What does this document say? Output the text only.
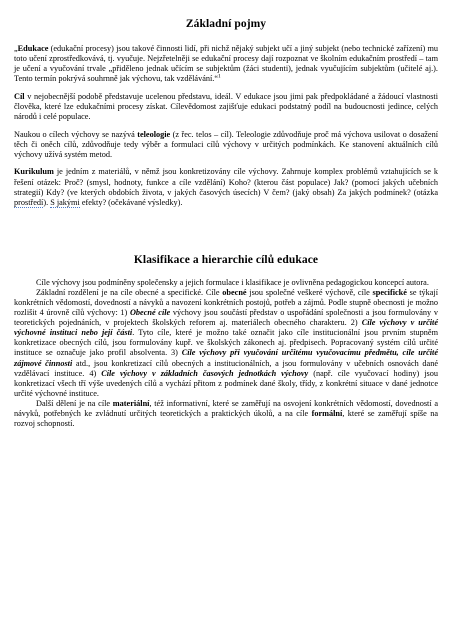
Základní pojmy

„Edukace (edukační procesy) jsou takové činnosti lidí, při nichž nějaký subjekt učí a jiný subjekt (nebo technické zařízení) mu toto učení zprostředkovává, tj. vyučuje. Nejzřetelněji se edukační procesy dají rozpoznat ve školním edukačním prostředí – tam je učení a vyučování trvale „přiděleno jednak učícím se subjektům (žáci studenti), jednak vyučujícím subjektům (učitelé aj.). Tento termín pokrývá souhrnně jak výchovu, tak vzdělávání.“$^1$

Cíl v nejobecnější podobě představuje ucelenou představu, ideál. V edukace jsou jimi pak předpokládané a žádoucí vlastnosti člověka, které lze edukačními procesy získat. Cílevědomost zajišťuje edukaci podstatný podíl na budoucnosti jedince, celých národů i celé populace.

Naukou o cílech výchovy se nazývá teleologie (z řec. telos – cíl). Teleologie zdůvodňuje proč má výchova usilovat o dosažení těch či oněch cílů, zdůvodňuje tedy výběr a formulaci cílů výchovy v určitých podmínkách. Ke stanovení aktuálních cílů výchovy užívá systém metod.

Kurikulum je jedním z materiálů, v němž jsou konkretizovány cíle výchovy. Zahrnuje komplex problémů vztahujících se k řešení otázek: Proč? (smysl, hodnoty, funkce a cíle vzdělání) Koho? (kterou část populace) Jak? (pomocí jakých učebních strategií) Kdy? (ve kterých obdobích života, v jakých časových úsecích) V čem? (jaký obsah) Za jakých podmínek? (otázka prostředí). S jakými efekty? (očekávané výsledky).

Klasifikace a hierarchie cílů edukace

Cíle výchovy jsou podmíněny společensky a jejich formulace i klasifikace je ovlivněna pedagogickou koncepcí autora.

Základní rozdělení je na cíle obecné a specifické. Cíle obecné jsou společné veškeré výchově, cíle specifické se týkají konkrétních vědomostí, dovedností a návyků a navození konkrétních postojů, potřeb a zájmů. Podle stupně obecnosti je možno rozlišit 4 úrovně cílů výchovy: 1) Obecné cíle výchovy jsou součástí představ o uspořádání společnosti a jsou formulovány v teoretických pojednáních, v projektech školských reforem aj. materiálech obecného charakteru. 2) Cíle výchovy v určité výchovné instituci nebo její části. Tyto cíle, které je možno také označit jako cíle institucionální jsou prvním stupněm konkretizace obecných cílů, jsou formulovány kupř. ve školských zákonech aj. předpisech. Popracovaný systém cílů určité instituce se označuje jako profil absolventa. 3) Cíle výchovy při vyučování určitému vyučovacímu předmětu, cíle určité zájmové činnosti atd., jsou konkretizací cílů obecných a institucionálních, a jsou formulovány v učebních osnovách dané vzdělávací instituce. 4) Cíle výchovy v základních časových jednotkách výchovy (např. cíle vyučovací hodiny) jsou konkretizací všech tří výše uvedených cílů a vychází přitom z podmínek dané školy, třídy, z konkrétní situace v dané jednotce určité výchovné instituce.

Další dělení je na cíle materiální, též informativní, které se zaměřují na osvojení konkrétních vědomostí, dovedností a návyků, potřebných ke zvládnutí určitých teoretických a praktických úkolů, a na cíle formální, které se zaměřují spíše na rozvoj schopností.
